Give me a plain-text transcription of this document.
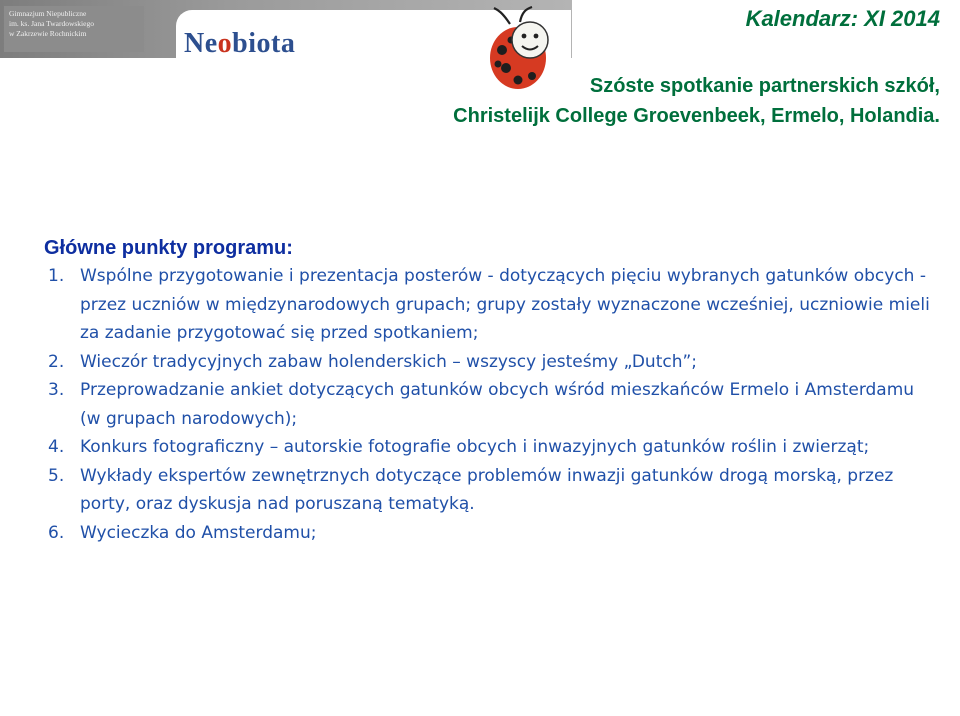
Gimnazjum Niepubliczne
im. ks. Jana Twardowskiego
w Zakrzewie Rochnickim	Neobiota
Kalendarz: XI 2014
Szóste spotkanie partnerskich szkół,
Christelijk College Groevenbeek, Ermelo, Holandia.
Główne punkty programu:
1. Wspólne przygotowanie i prezentacja posterów - dotyczących pięciu wybranych gatunków obcych - przez uczniów w międzynarodowych grupach; grupy zostały wyznaczone wcześniej, uczniowie mieli za zadanie przygotować się przed spotkaniem;
2. Wieczór tradycyjnych zabaw holenderskich – wszyscy jesteśmy „Dutch”;
3. Przeprowadzanie ankiet dotyczących gatunków obcych wśród mieszkańców Ermelo i Amsterdamu (w grupach narodowych);
4. Konkurs fotograficzny – autorskie fotografie obcych i inwazyjnych gatunków roślin i zwierząt;
5. Wykłady ekspertów zewnętrznych dotyczące problemów inwazji gatunków drogą morską, przez porty, oraz dyskusja nad poruszaną tematyką.
6. Wycieczka do Amsterdamu;
